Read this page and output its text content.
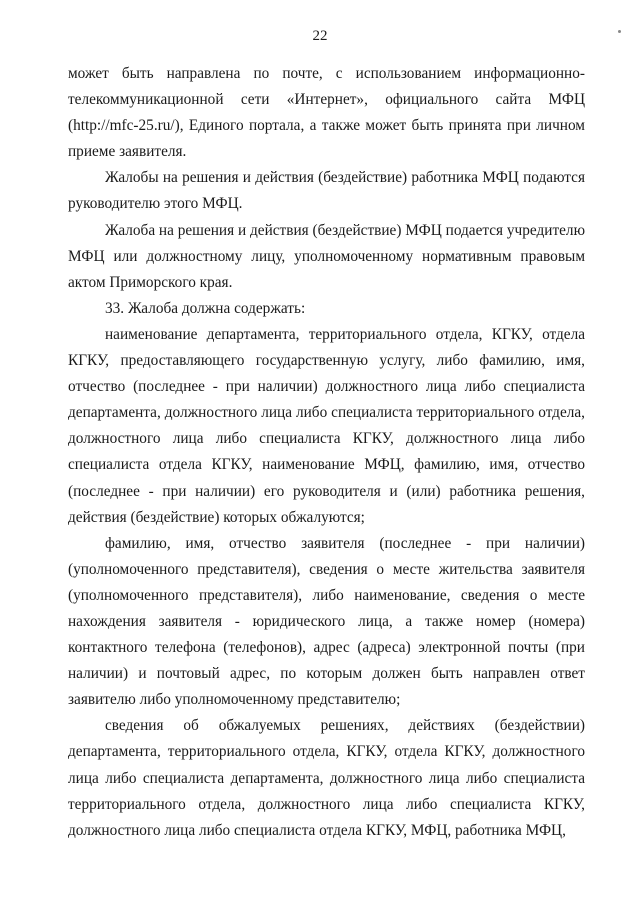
22

может быть направлена по почте, с использованием информационно-телекоммуникационной сети «Интернет», официального сайта МФЦ (http://mfc-25.ru/), Единого портала, а также может быть принята при личном приеме заявителя.

Жалобы на решения и действия (бездействие) работника МФЦ подаются руководителю этого МФЦ.

Жалоба на решения и действия (бездействие) МФЦ подается учредителю МФЦ или должностному лицу, уполномоченному нормативным правовым актом Приморского края.

33. Жалоба должна содержать:

наименование департамента, территориального отдела, КГКУ, отдела КГКУ, предоставляющего государственную услугу, либо фамилию, имя, отчество (последнее - при наличии) должностного лица либо специалиста департамента, должностного лица либо специалиста территориального отдела, должностного лица либо специалиста КГКУ, должностного лица либо специалиста отдела КГКУ, наименование МФЦ, фамилию, имя, отчество (последнее - при наличии) его руководителя и (или) работника решения, действия (бездействие) которых обжалуются;

фамилию, имя, отчество заявителя (последнее - при наличии) (уполномоченного представителя), сведения о месте жительства заявителя (уполномоченного представителя), либо наименование, сведения о месте нахождения заявителя - юридического лица, а также номер (номера) контактного телефона (телефонов), адрес (адреса) электронной почты (при наличии) и почтовый адрес, по которым должен быть направлен ответ заявителю либо уполномоченному представителю;

сведения об обжалуемых решениях, действиях (бездействии) департамента, территориального отдела, КГКУ, отдела КГКУ, должностного лица либо специалиста департамента, должностного лица либо специалиста территориального отдела, должностного лица либо специалиста КГКУ, должностного лица либо специалиста отдела КГКУ, МФЦ, работника МФЦ,
